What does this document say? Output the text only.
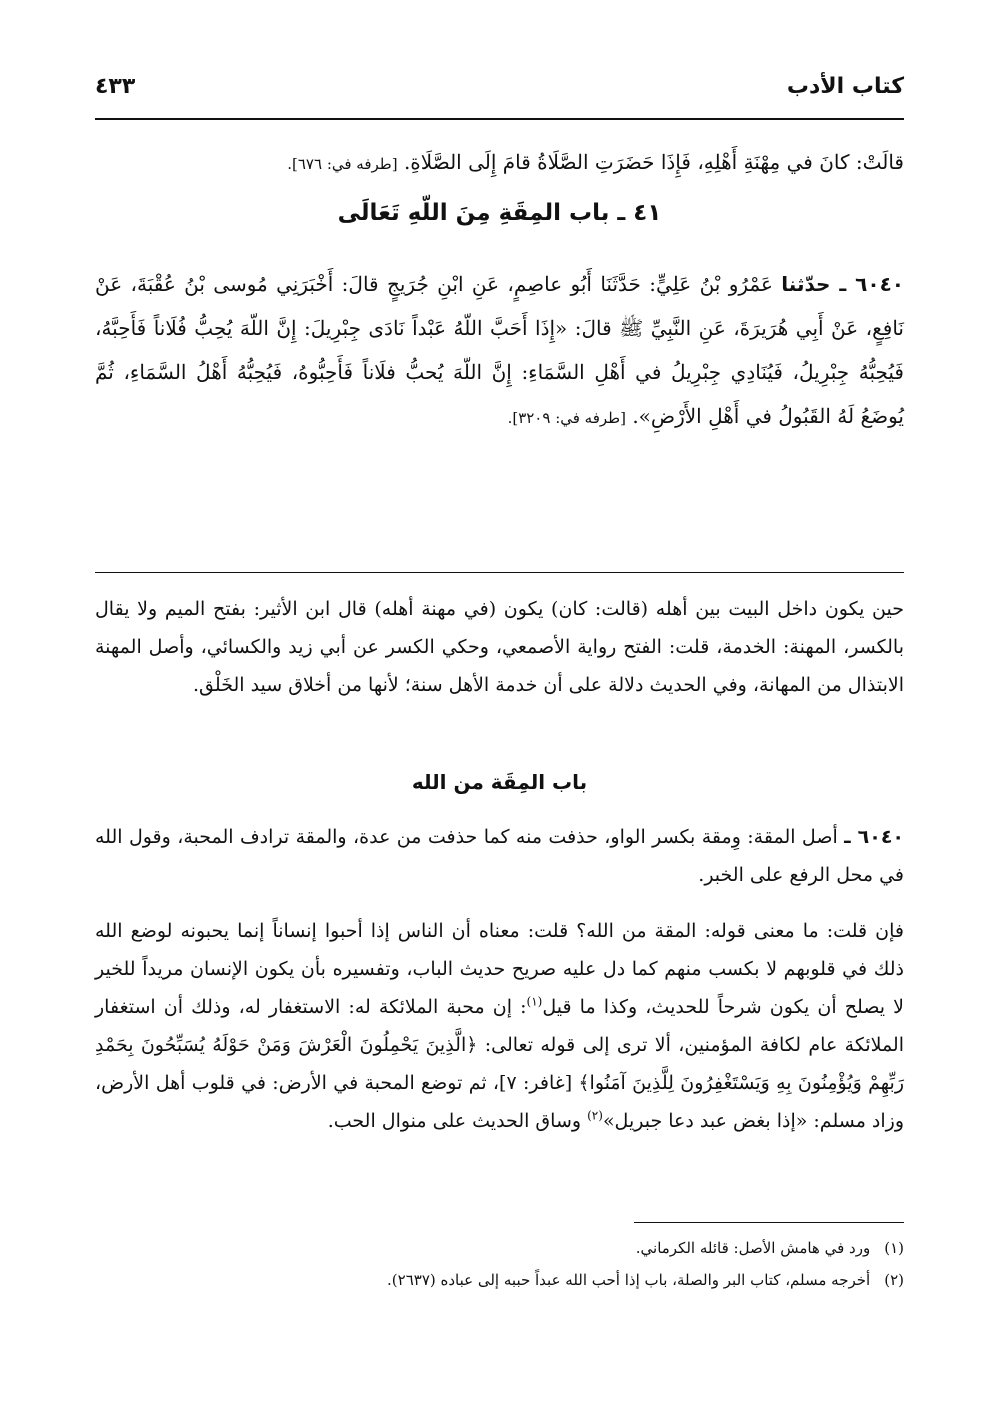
كتاب الأدب
٤٣٣
قالَتْ: كانَ في مِهْنَةِ أَهْلِهِ، فَإِذَا حَضَرَتِ الصَّلَاةُ قامَ إِلَى الصَّلَاةِ. [طرفه في: ٦٧٦].
٤١ ـ باب المِقَةِ مِنَ اللّهِ تَعَالَى
٦٠٤٠ ـ حدّثنا عَمْرُو بْنُ عَلِيٍّ: حَدَّثَنَا أَبُو عاصِمٍ، عَنِ ابْنِ جُرَيجٍ قالَ: أَخْبَرَنِي مُوسى بْنُ عُقْبَةَ، عَنْ نَافِعٍ، عَنْ أَبِي هُرَيرَةَ، عَنِ النَّبِيِّ ﷺ قالَ: «إِذَا أَحَبَّ اللّهُ عَبْداً نَادَى جِبْرِيلَ: إِنَّ اللّهَ يُحِبُّ فُلَاناً فَأَحِبَّهُ، فَيُحِبُّهُ جِبْرِيلُ، فَيُنَادِي جِبْرِيلُ في أَهْلِ السَّمَاءِ: إِنَّ اللّهَ يُحبُّ فلَاناً فَأَحِبُّوهُ، فَيُحِبُّهُ أَهْلُ السَّمَاءِ، ثُمَّ يُوضَعُ لَهُ القَبُولُ في أَهْلِ الأَرْضِ». [طرفه في: ٣٢٠٩].
حين يكون داخل البيت بين أهله (قالت: كان) يكون (في مهنة أهله) قال ابن الأثير: بفتح الميم ولا يقال بالكسر، المهنة: الخدمة، قلت: الفتح رواية الأصمعي، وحكي الكسر عن أبي زيد والكسائي، وأصل المهنة الابتذال من المهانة، وفي الحديث دلالة على أن خدمة الأهل سنة؛ لأنها من أخلاق سيد الخَلْق.
باب المِقَة من الله
٦٠٤٠ ـ أصل المقة: وِمقة بكسر الواو، حذفت منه كما حذفت من عدة، والمقة ترادف المحبة، وقول الله في محل الرفع على الخبر.
فإن قلت: ما معنى قوله: المقة من الله؟ قلت: معناه أن الناس إذا أحبوا إنساناً إنما يحبونه لوضع الله ذلك في قلوبهم لا بكسب منهم كما دل عليه صريح حديث الباب، وتفسيره بأن يكون الإنسان مريداً للخير لا يصلح أن يكون شرحاً للحديث، وكذا ما قيل$^{(١)}$: إن محبة الملائكة له: الاستغفار له، وذلك أن استغفار الملائكة عام لكافة المؤمنين، ألا ترى إلى قوله تعالى: ﴿الَّذِينَ يَحْمِلُونَ الْعَرْشَ وَمَنْ حَوْلَهُ يُسَبِّحُونَ بِحَمْدِ رَبِّهِمْ وَيُؤْمِنُونَ بِهِ وَيَسْتَغْفِرُونَ لِلَّذِينَ آمَنُوا﴾ [غافر: ٧]، ثم توضع المحبة في الأرض: في قلوب أهل الأرض، وزاد مسلم: «إذا بغض عبد دعا جبريل»$^{(٢)}$ وساق الحديث على منوال الحب.
(١)ورد في هامش الأصل: قائله الكرماني.
(٢)أخرجه مسلم، كتاب البر والصلة، باب إذا أحب الله عبداً حببه إلى عباده (٢٦٣٧).
